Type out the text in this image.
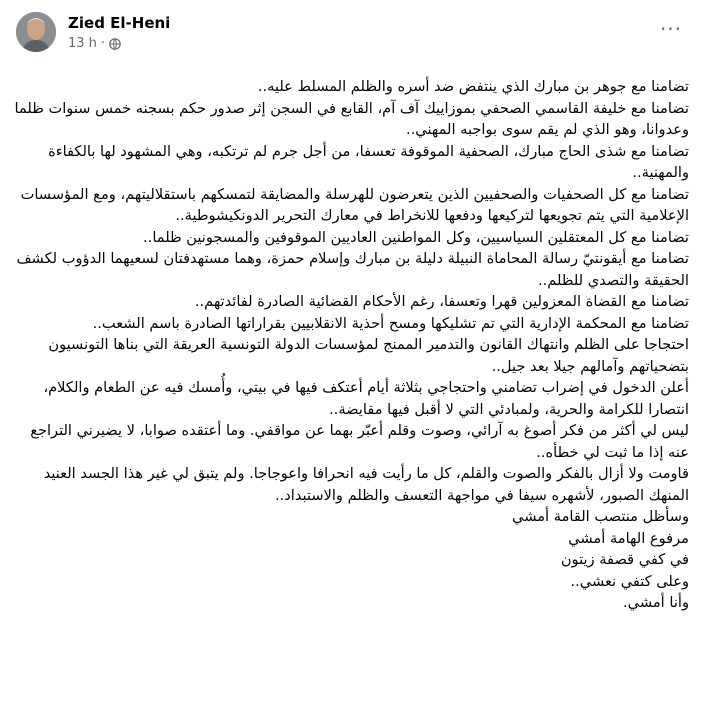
Zied El-Heni
13 h ·
···

تضامنا مع جوهر بن مبارك الذي ينتفض ضد أسره والظلم المسلط عليه..

تضامنا مع خليفة القاسمي الصحفي بموزاييك آف آم، القابع في السجن إثر صدور حكم بسجنه خمس سنوات ظلما وعدوانا، وهو الذي لم يقم سوى بواجبه المهني..

تضامنا مع شذى الحاج مبارك، الصحفية الموقوفة تعسفا، من أجل جرم لم ترتكبه، وهي المشهود لها بالكفاءة والمهنية..

تضامنا مع كل الصحفيات والصحفيين الذين يتعرضون للهرسلة والمضايقة لتمسكهم باستقلاليتهم، ومع المؤسسات الإعلامية التي يتم تجويعها لتركيعها ودفعها للانخراط في معارك التحرير الدونكيشوطية..

تضامنا مع كل المعتقلين السياسيين، وكل المواطنين العاديين الموقوفين والمسجونين ظلما..

تضامنا مع أيقونتيّ رسالة المحاماة النبيلة دليلة بن مبارك وإسلام حمزة، وهما مستهدفتان لسعيهما الدؤوب لكشف الحقيقة والتصدي للظلم..

تضامنا مع القضاة المعزولين قهرا وتعسفا، رغم الأحكام القضائية الصادرة لفائدتهم..

تضامنا مع المحكمة الإدارية التي تم تشليكها ومسح أحذية الانقلابيين بقراراتها الصادرة باسم الشعب..

احتجاجا على الظلم وانتهاك القانون والتدمير الممنج لمؤسسات الدولة التونسية العريقة التي بناها التونسيون بتضحياتهم وآمالهم جيلا بعد جيل..

أعلن الدخول في إضراب تضامني واحتجاجي بثلاثة أيام أعتكف فيها في بيتي، وأُمسك فيه عن الطعام والكلام، انتصارا للكرامة والحرية، ولمبادئي التي لا أقبل فيها مقايضة..

ليس لي أكثر من فكر أصوغ به آرائي، وصوت وقلم أعبّر بهما عن مواقفي. وما أعتقده صوابا، لا يضيرني التراجع عنه إذا ما ثبت لي خطأه..

قاومت ولا أزال بالفكر والصوت والقلم، كل ما رأيت فيه انحرافا واعوجاجا. ولم يتبق لي غير هذا الجسد العنيد المنهك الصبور، لأشهره سيفا في مواجهة التعسف والظلم والاستبداد..

وسأظل منتصب القامة أمشي

مرفوع الهامة أمشي

في كفي قصفة زيتون

وعلى كتفي نعشي..

وأنا أمشي.
